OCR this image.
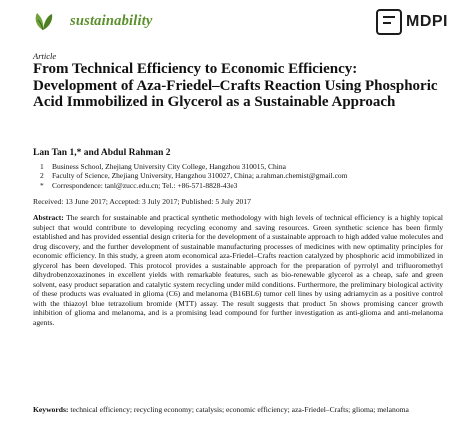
sustainability	MDPI
Article
From Technical Efficiency to Economic Efficiency: Development of Aza-Friedel–Crafts Reaction Using Phosphoric Acid Immobilized in Glycerol as a Sustainable Approach
Lan Tan 1,* and Abdul Rahman 2
1	Business School, Zhejiang University City College, Hangzhou 310015, China
2	Faculty of Science, Zhejiang University, Hangzhou 310027, China; a.rahman.chemist@gmail.com
*	Correspondence: tanl@zucc.edu.cn; Tel.: +86-571-8828-43e3
Received: 13 June 2017; Accepted: 3 July 2017; Published: 5 July 2017
Abstract: The search for sustainable and practical synthetic methodology with high levels of technical efficiency is a highly topical subject that would contribute to developing recycling economy and saving resources. Green synthetic science has been firmly established and has provided essential design criteria for the development of a sustainable approach to high added value molecules and drug discovery, and the further development of sustainable manufacturing processes of medicines with new optimality principles for economic efficiency. In this study, a green atom economical aza-Friedel–Crafts reaction catalyzed by phosphoric acid immobilized in glycerol has been developed. This protocol provides a sustainable approach for the preparation of pyrrolyl and trifluoromethyl dihydrobenzoxazinones in excellent yields with remarkable features, such as bio-renewable glycerol as a cheap, safe and green solvent, easy product separation and catalytic system recycling under mild conditions. Furthermore, the preliminary biological activity of these products was evaluated in glioma (C6) and melanoma (B16BL6) tumor cell lines by using adriamycin as a positive control with the thiazoyl blue tetrazolium bromide (MTT) assay. The result suggests that product 5n shows promising cancer growth inhibition of glioma and melanoma, and is a promising lead compound for further investigation as anti-glioma and anti-melanoma agents.
Keywords: technical efficiency; recycling economy; catalysis; economic efficiency; aza-Friedel–Crafts; glioma; melanoma
